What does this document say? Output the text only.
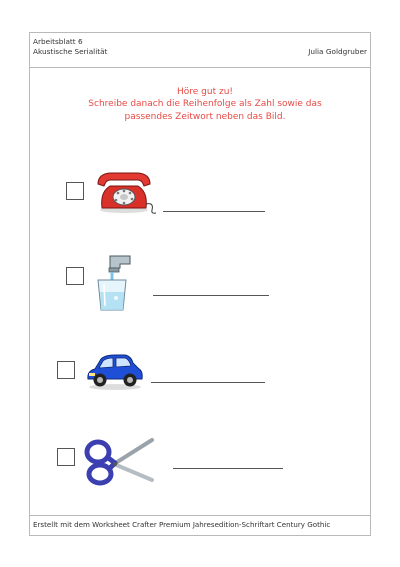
Arbeitsblatt 6
Akustische Serialität	Julia Goldgruber
Höre gut zu!
Schreibe danach die Reihenfolge als Zahl sowie das
passendes Zeitwort neben das Bild.
Erstellt mit dem Worksheet Crafter Premium Jahresedition-Schriftart Century Gothic
